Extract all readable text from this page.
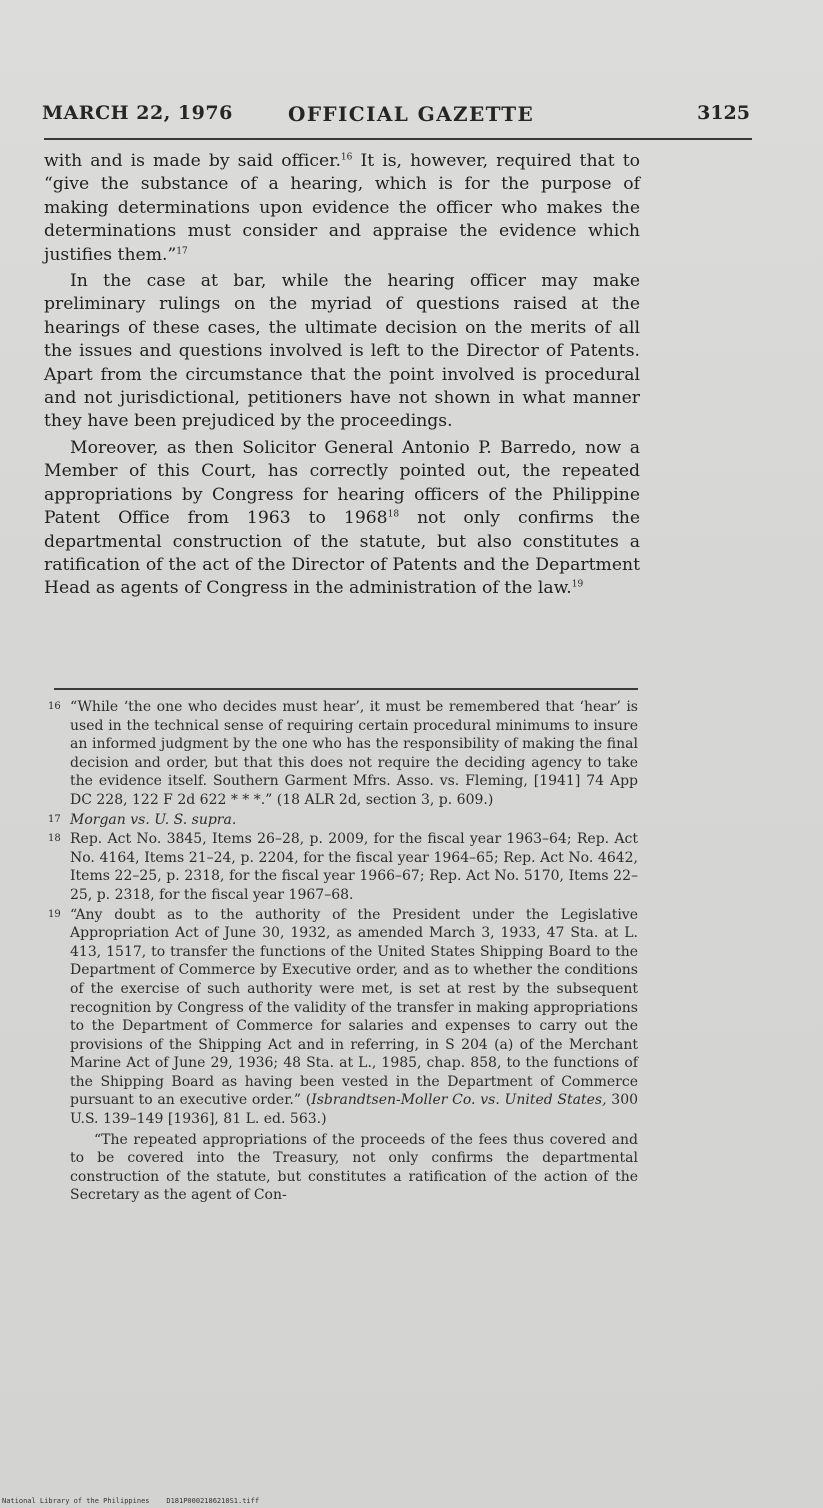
MARCH 22, 1976	OFFICIAL GAZETTE	3125

with and is made by said officer.$^{16}$ It is, however, required that to “give the substance of a hearing, which is for the purpose of making determinations upon evidence the officer who makes the determinations must consider and appraise the evidence which justifies them.”$^{17}$

In the case at bar, while the hearing officer may make preliminary rulings on the myriad of questions raised at the hearings of these cases, the ultimate decision on the merits of all the issues and questions involved is left to the Director of Patents. Apart from the circumstance that the point involved is procedural and not jurisdictional, petitioners have not shown in what manner they have been prejudiced by the proceedings.

Moreover, as then Solicitor General Antonio P. Barredo, now a Member of this Court, has correctly pointed out, the repeated appropriations by Congress for hearing officers of the Philippine Patent Office from 1963 to 1968$^{18}$ not only confirms the departmental construction of the statute, but also constitutes a ratification of the act of the Director of Patents and the Department Head as agents of Congress in the administration of the law.$^{19}$

16 “While ‘the one who decides must hear’, it must be remembered that ‘hear’ is used in the technical sense of requiring certain procedural minimums to insure an informed judgment by the one who has the responsibility of making the final decision and order, but that this does not require the deciding agency to take the evidence itself. Southern Garment Mfrs. Asso. vs. Fleming, [1941] 74 App DC 228, 122 F 2d 622 * * *.” (18 ALR 2d, section 3, p. 609.)
17 Morgan vs. U. S. supra.
18 Rep. Act No. 3845, Items 26–28, p. 2009, for the fiscal year 1963–64; Rep. Act No. 4164, Items 21–24, p. 2204, for the fiscal year 1964–65; Rep. Act No. 4642, Items 22–25, p. 2318, for the fiscal year 1966–67; Rep. Act No. 5170, Items 22–25, p. 2318, for the fiscal year 1967–68.
19 “Any doubt as to the authority of the President under the Legislative Appropriation Act of June 30, 1932, as amended March 3, 1933, 47 Sta. at L. 413, 1517, to transfer the functions of the United States Shipping Board to the Department of Commerce by Executive order, and as to whether the conditions of the exercise of such authority were met, is set at rest by the subsequent recognition by Congress of the validity of the transfer in making appropriations to the Department of Commerce for salaries and expenses to carry out the provisions of the Shipping Act and in referring, in S 204 (a) of the Merchant Marine Act of June 29, 1936; 48 Sta. at L., 1985, chap. 858, to the functions of the Shipping Board as having been vested in the Department of Commerce pursuant to an executive order.” (Isbrandtsen-Moller Co. vs. United States, 300 U.S. 139–149 [1936], 81 L. ed. 563.)

“The repeated appropriations of the proceeds of the fees thus covered and to be covered into the Treasury, not only confirms the departmental construction of the statute, but constitutes a ratification of the action of the Secretary as the agent of Con-

National Library of the Philippines    D181P0002186210S1.tiff
